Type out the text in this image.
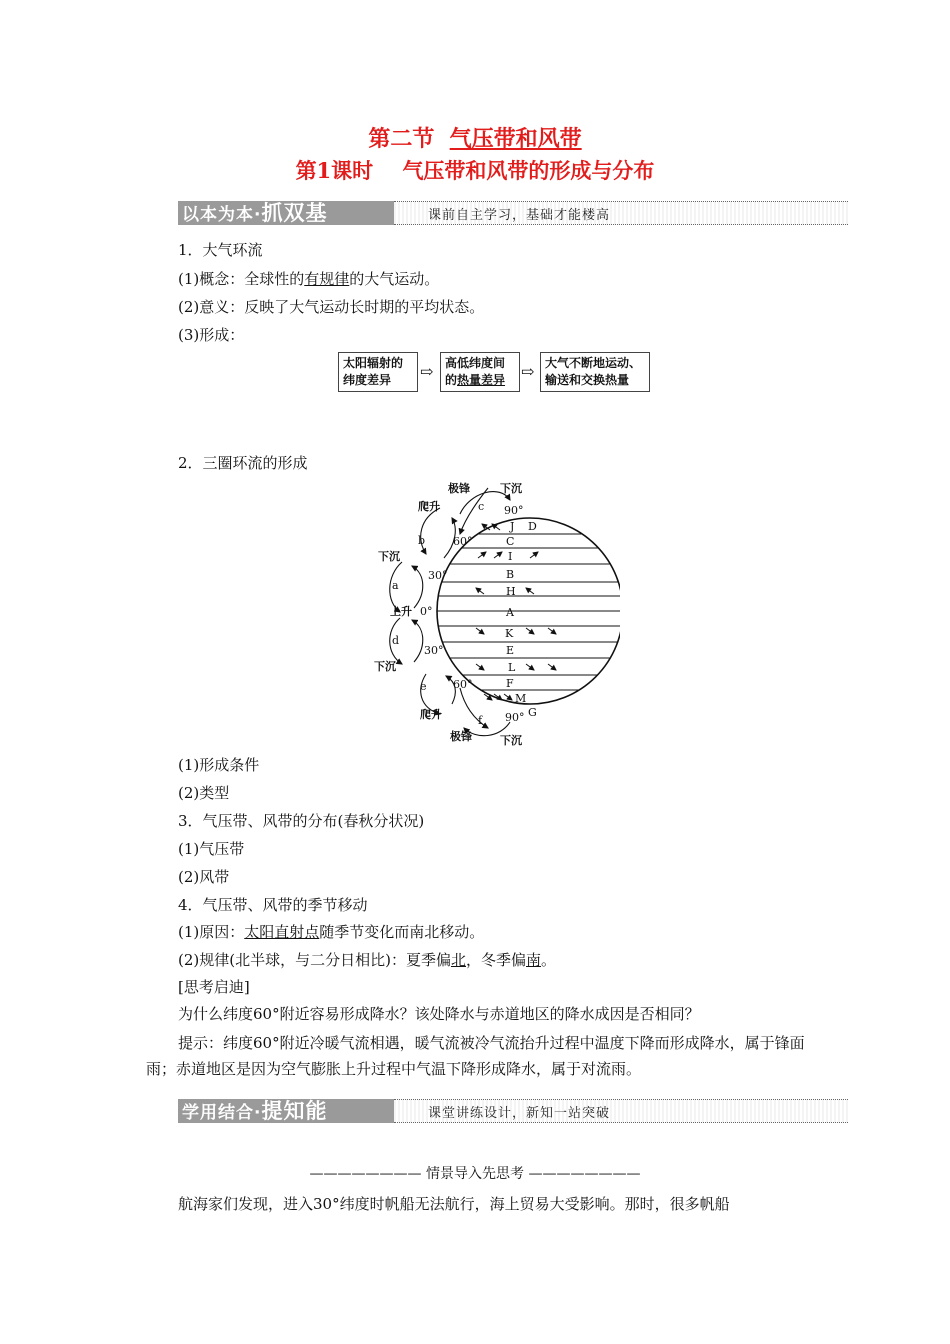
第二节 气压带和风带
第1课时 气压带和风带的形成与分布
以本为本·抓双基	课前自主学习，基础才能楼高
1．大气环流
(1)概念：全球性的有规律的大气运动。
(2)意义：反映了大气运动长时期的平均状态。
(3)形成：
太阳辐射的纬度差异	⇨ 高低纬度间
的热量差异 ⇨ 大气不断地运动、输送和交换热量
2．三圈环流的形成
90°
60°
30°
0°
30°
60°
90°
D
J
C
I
B
H
A
K
E
L
F
M
G
a
b
c
d
e
f
极锋	下沉
爬升
下沉
上升
下沉
爬升
极锋	下沉
(1)形成条件
(2)类型
3．气压带、风带的分布(春秋分状况)
(1)气压带
(2)风带
4．气压带、风带的季节移动
(1)原因：太阳直射点随季节变化而南北移动。
(2)规律(北半球，与二分日相比)：夏季偏北，冬季偏南。
[思考启迪]
为什么纬度60°附近容易形成降水？该处降水与赤道地区的降水成因是否相同？
提示：纬度60°附近冷暖气流相遇，暖气流被冷气流抬升过程中温度下降而形成降水，属于锋面雨；赤道地区是因为空气膨胀上升过程中气温下降形成降水，属于对流雨。
学用结合·提知能	课堂讲练设计，新知一站突破
———————— 情景导入先思考 ————————
航海家们发现，进入30°纬度时帆船无法航行，海上贸易大受影响。那时，很多帆船
